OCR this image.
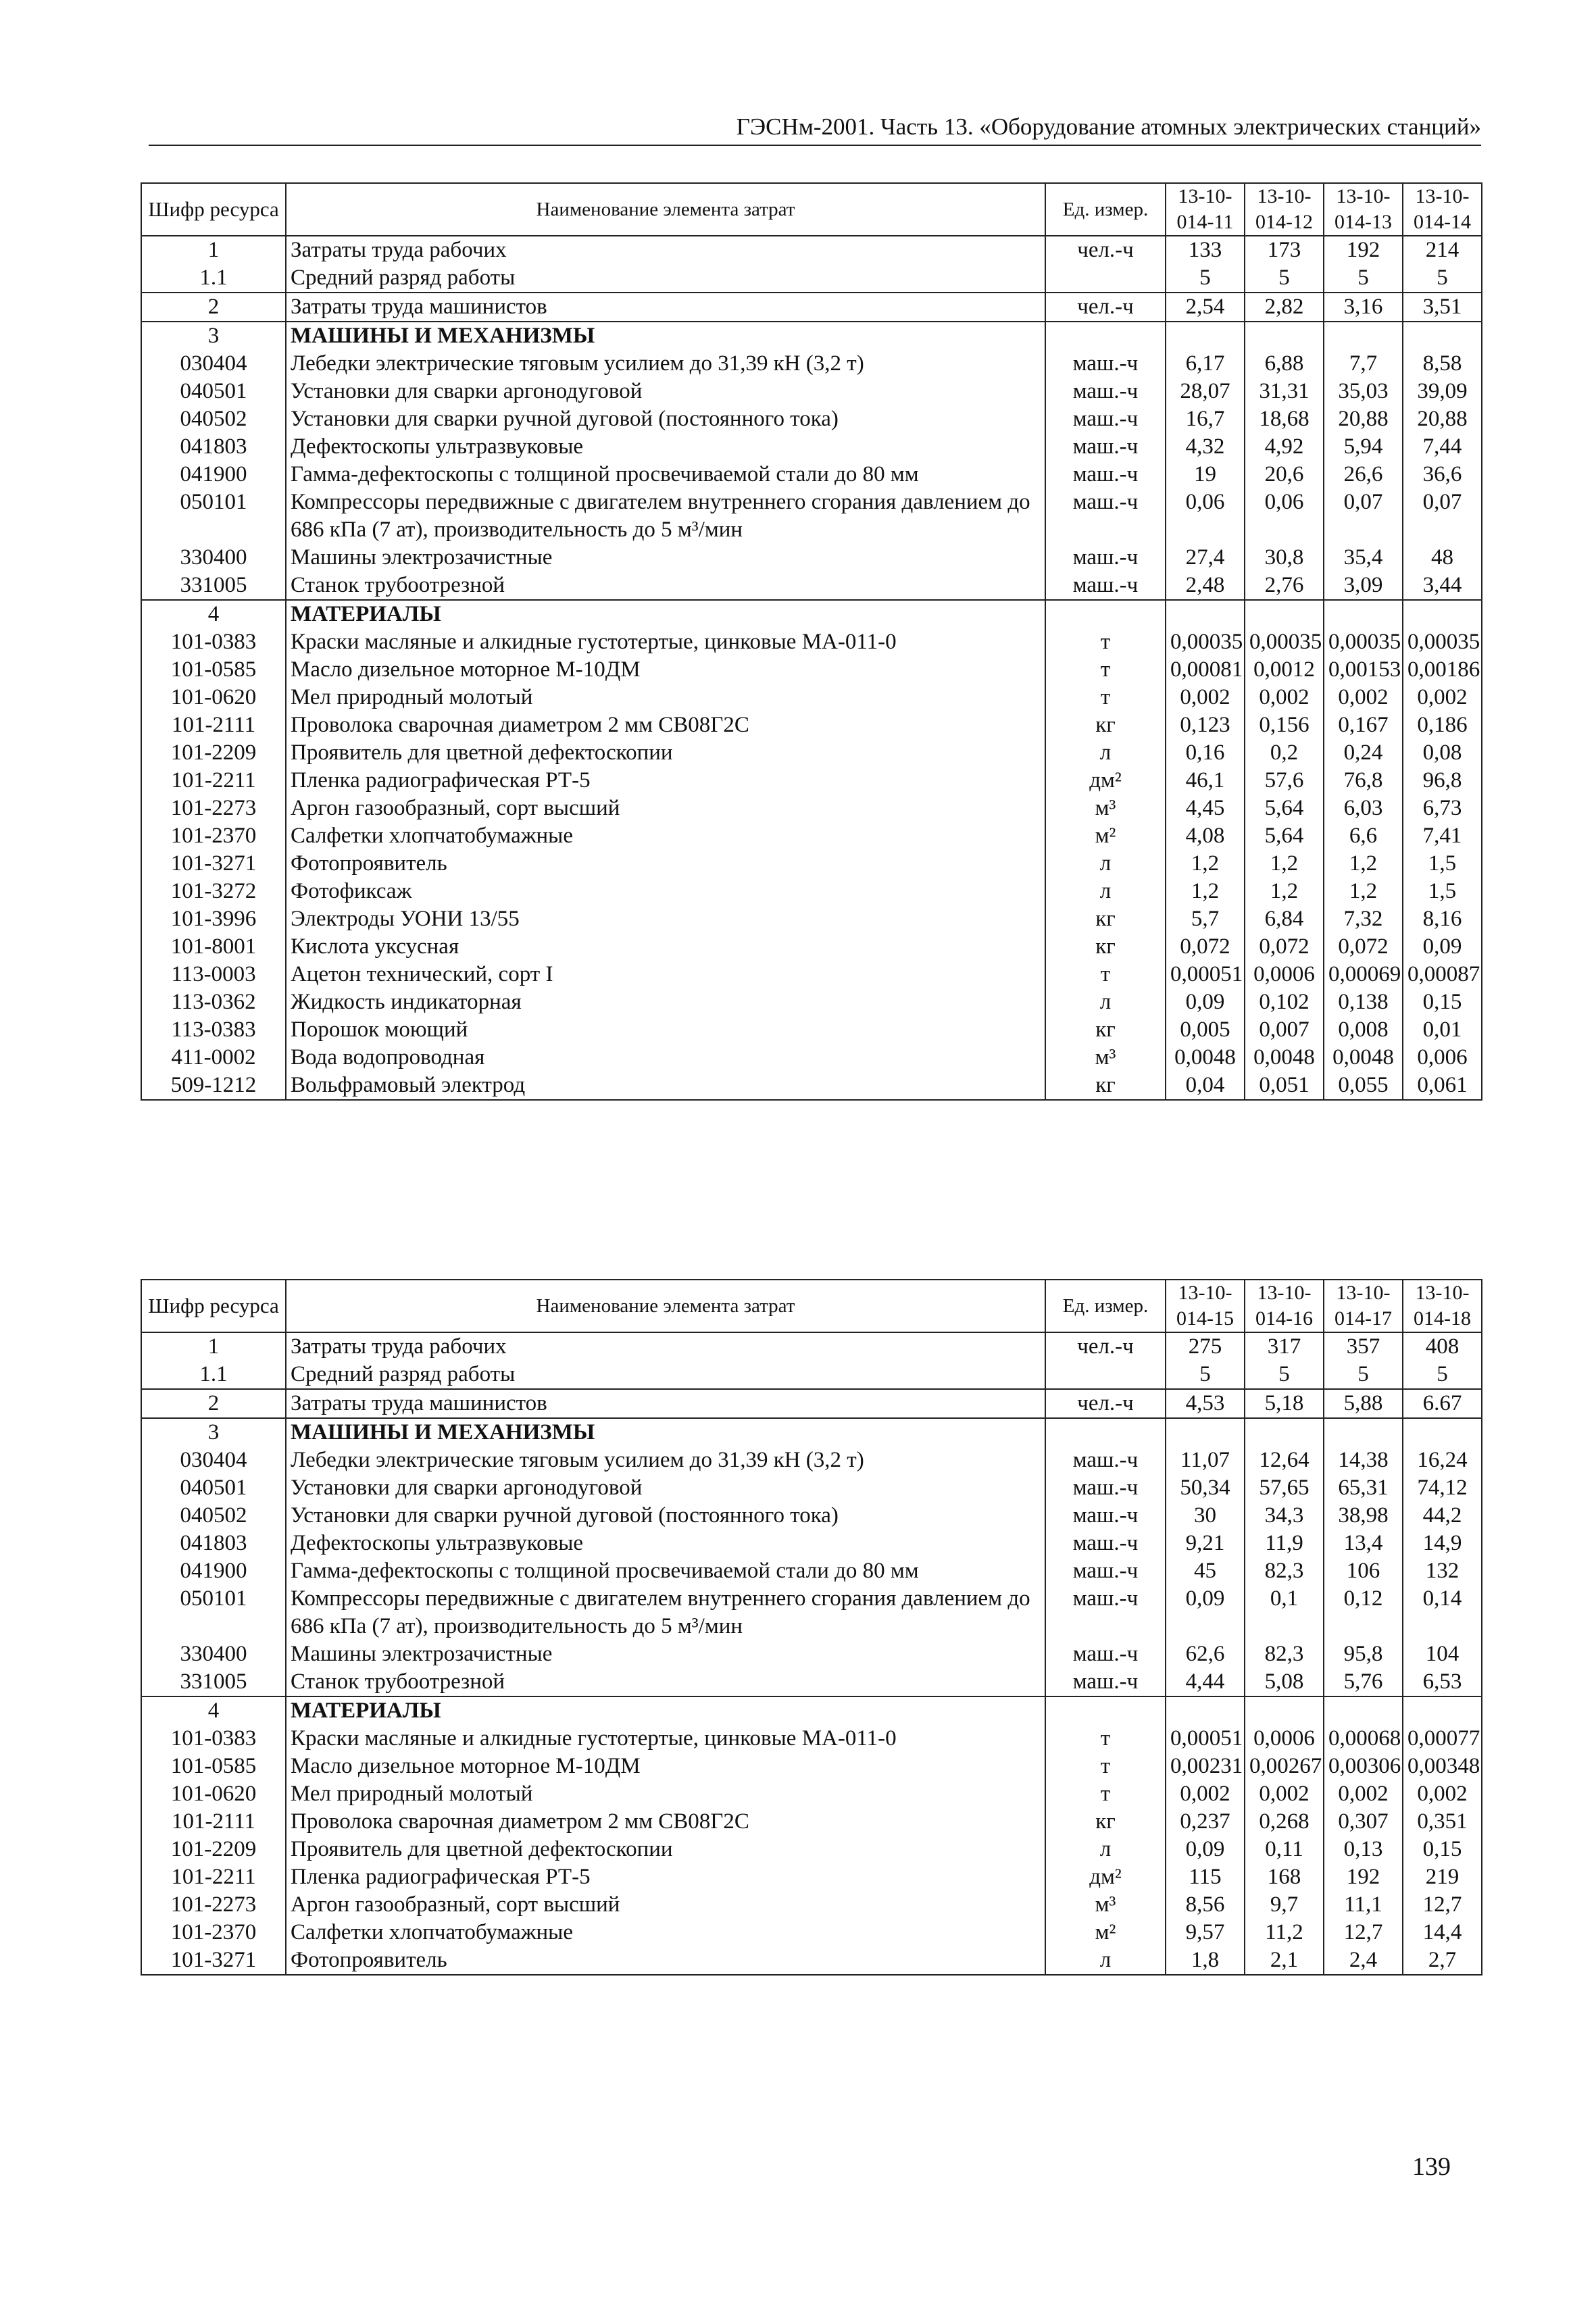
ГЭСНм-2001. Часть 13. «Оборудование атомных электрических станций»
Шифр ресурса	Наименование элемента затрат	Ед. измер.	13-10-014-11	13-10-014-12	13-10-014-13	13-10-014-14
1	Затраты труда рабочих	чел.-ч	133	173	192	214
1.1	Средний разряд работы		5	5	5	5
2	Затраты труда машинистов	чел.-ч	2,54	2,82	3,16	3,51
3	МАШИНЫ И МЕХАНИЗМЫ					
030404	Лебедки электрические тяговым усилием до 31,39 кН (3,2 т)	маш.-ч	6,17	6,88	7,7	8,58
040501	Установки для сварки аргонодуговой	маш.-ч	28,07	31,31	35,03	39,09
040502	Установки для сварки ручной дуговой (постоянного тока)	маш.-ч	16,7	18,68	20,88	20,88
041803	Дефектоскопы ультразвуковые	маш.-ч	4,32	4,92	5,94	7,44
041900	Гамма-дефектоскопы с толщиной просвечиваемой стали до 80 мм	маш.-ч	19	20,6	26,6	36,6
050101	Компрессоры передвижные с двигателем внутреннего сгорания давлением до 686 кПа (7 ат), производительность до 5 м³/мин	маш.-ч	0,06	0,06	0,07	0,07
330400	Машины электрозачистные	маш.-ч	27,4	30,8	35,4	48
331005	Станок трубоотрезной	маш.-ч	2,48	2,76	3,09	3,44
4	МАТЕРИАЛЫ					
101-0383	Краски масляные и алкидные густотертые, цинковые МА-011-0	т	0,00035	0,00035	0,00035	0,00035
101-0585	Масло дизельное моторное М-10ДМ	т	0,00081	0,0012	0,00153	0,00186
101-0620	Мел природный молотый	т	0,002	0,002	0,002	0,002
101-2111	Проволока сварочная диаметром 2 мм СВ08Г2С	кг	0,123	0,156	0,167	0,186
101-2209	Проявитель для цветной дефектоскопии	л	0,16	0,2	0,24	0,08
101-2211	Пленка радиографическая РТ-5	дм²	46,1	57,6	76,8	96,8
101-2273	Аргон газообразный, сорт высший	м³	4,45	5,64	6,03	6,73
101-2370	Салфетки хлопчатобумажные	м²	4,08	5,64	6,6	7,41
101-3271	Фотопроявитель	л	1,2	1,2	1,2	1,5
101-3272	Фотофиксаж	л	1,2	1,2	1,2	1,5
101-3996	Электроды УОНИ 13/55	кг	5,7	6,84	7,32	8,16
101-8001	Кислота уксусная	кг	0,072	0,072	0,072	0,09
113-0003	Ацетон технический, сорт I	т	0,00051	0,0006	0,00069	0,00087
113-0362	Жидкость индикаторная	л	0,09	0,102	0,138	0,15
113-0383	Порошок моющий	кг	0,005	0,007	0,008	0,01
411-0002	Вода водопроводная	м³	0,0048	0,0048	0,0048	0,006
509-1212	Вольфрамовый электрод	кг	0,04	0,051	0,055	0,061
Шифр ресурса	Наименование элемента затрат	Ед. измер.	13-10-014-15	13-10-014-16	13-10-014-17	13-10-014-18
1	Затраты труда рабочих	чел.-ч	275	317	357	408
1.1	Средний разряд работы		5	5	5	5
2	Затраты труда машинистов	чел.-ч	4,53	5,18	5,88	6.67
3	МАШИНЫ И МЕХАНИЗМЫ					
030404	Лебедки электрические тяговым усилием до 31,39 кН (3,2 т)	маш.-ч	11,07	12,64	14,38	16,24
040501	Установки для сварки аргонодуговой	маш.-ч	50,34	57,65	65,31	74,12
040502	Установки для сварки ручной дуговой (постоянного тока)	маш.-ч	30	34,3	38,98	44,2
041803	Дефектоскопы ультразвуковые	маш.-ч	9,21	11,9	13,4	14,9
041900	Гамма-дефектоскопы с толщиной просвечиваемой стали до 80 мм	маш.-ч	45	82,3	106	132
050101	Компрессоры передвижные с двигателем внутреннего сгорания давлением до 686 кПа (7 ат), производительность до 5 м³/мин	маш.-ч	0,09	0,1	0,12	0,14
330400	Машины электрозачистные	маш.-ч	62,6	82,3	95,8	104
331005	Станок трубоотрезной	маш.-ч	4,44	5,08	5,76	6,53
4	МАТЕРИАЛЫ					
101-0383	Краски масляные и алкидные густотертые, цинковые МА-011-0	т	0,00051	0,0006	0,00068	0,00077
101-0585	Масло дизельное моторное М-10ДМ	т	0,00231	0,00267	0,00306	0,00348
101-0620	Мел природный молотый	т	0,002	0,002	0,002	0,002
101-2111	Проволока сварочная диаметром 2 мм СВ08Г2С	кг	0,237	0,268	0,307	0,351
101-2209	Проявитель для цветной дефектоскопии	л	0,09	0,11	0,13	0,15
101-2211	Пленка радиографическая РТ-5	дм²	115	168	192	219
101-2273	Аргон газообразный, сорт высший	м³	8,56	9,7	11,1	12,7
101-2370	Салфетки хлопчатобумажные	м²	9,57	11,2	12,7	14,4
101-3271	Фотопроявитель	л	1,8	2,1	2,4	2,7
139
